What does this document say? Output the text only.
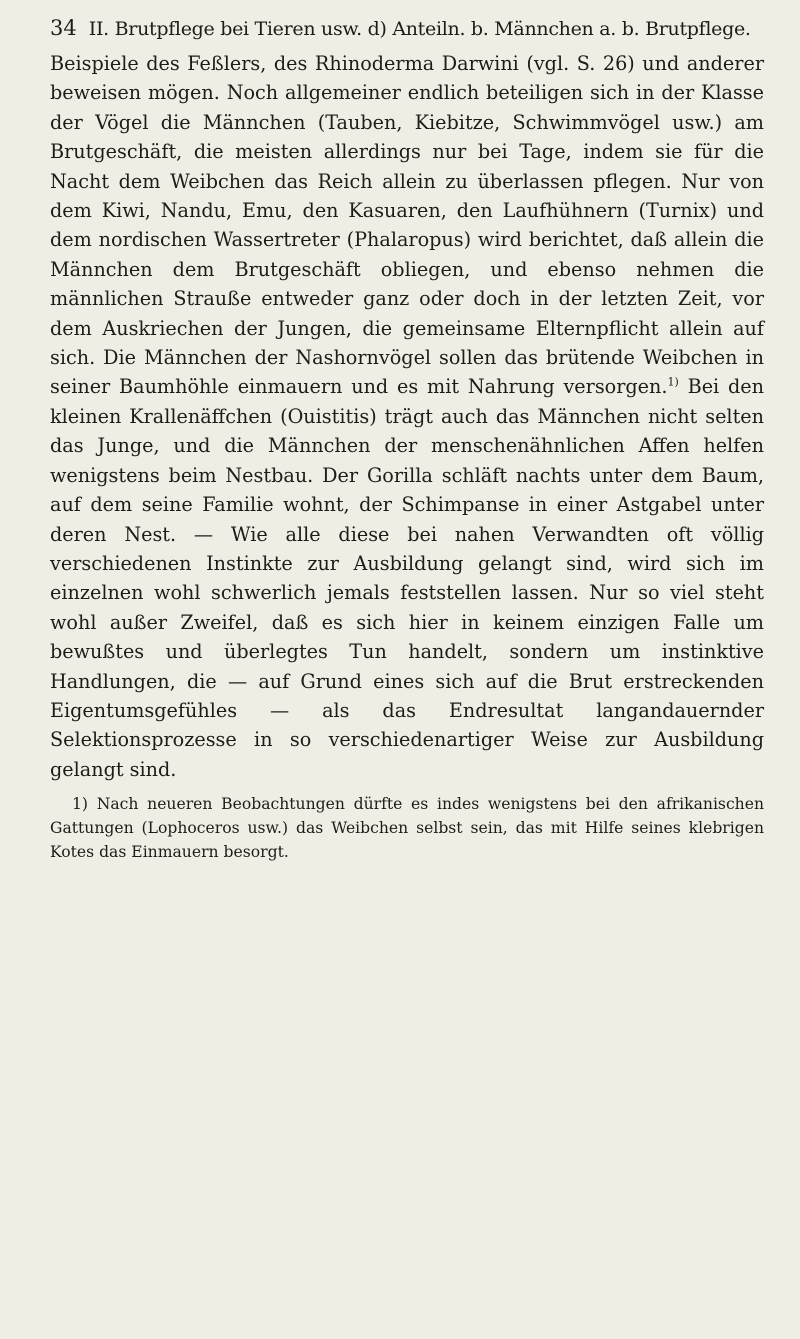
34 II. Brutpflege bei Tieren usw. d) Anteiln. b. Männchen a. b. Brutpflege.

Beispiele des Feßlers, des Rhinoderma Darwini (vgl. S. 26) und anderer beweisen mögen. Noch allgemeiner endlich beteiligen sich in der Klasse der Vögel die Männchen (Tauben, Kiebitze, Schwimmvögel usw.) am Brutgeschäft, die meisten allerdings nur bei Tage, indem sie für die Nacht dem Weibchen das Reich allein zu überlassen pflegen. Nur von dem Kiwi, Nandu, Emu, den Kasuaren, den Laufhühnern (Turnix) und dem nordischen Wassertreter (Phalaropus) wird berichtet, daß allein die Männchen dem Brutgeschäft obliegen, und ebenso nehmen die männlichen Strauße entweder ganz oder doch in der letzten Zeit, vor dem Auskriechen der Jungen, die gemeinsame Elternpflicht allein auf sich. Die Männchen der Nashornvögel sollen das brütende Weibchen in seiner Baumhöhle einmauern und es mit Nahrung versorgen.$^{1)}$ Bei den kleinen Krallenäffchen (Ouistitis) trägt auch das Männchen nicht selten das Junge, und die Männchen der menschenähnlichen Affen helfen wenigstens beim Nestbau. Der Gorilla schläft nachts unter dem Baum, auf dem seine Familie wohnt, der Schimpanse in einer Astgabel unter deren Nest. — Wie alle diese bei nahen Verwandten oft völlig verschiedenen Instinkte zur Ausbildung gelangt sind, wird sich im einzelnen wohl schwerlich jemals feststellen lassen. Nur so viel steht wohl außer Zweifel, daß es sich hier in keinem einzigen Falle um bewußtes und überlegtes Tun handelt, sondern um instinktive Handlungen, die — auf Grund eines sich auf die Brut erstreckenden Eigentumsgefühles — als das Endresultat langandauernder Selektionsprozesse in so verschiedenartiger Weise zur Ausbildung gelangt sind.

1) Nach neueren Beobachtungen dürfte es indes wenigstens bei den afrikanischen Gattungen (Lophoceros usw.) das Weibchen selbst sein, das mit Hilfe seines klebrigen Kotes das Einmauern besorgt.
